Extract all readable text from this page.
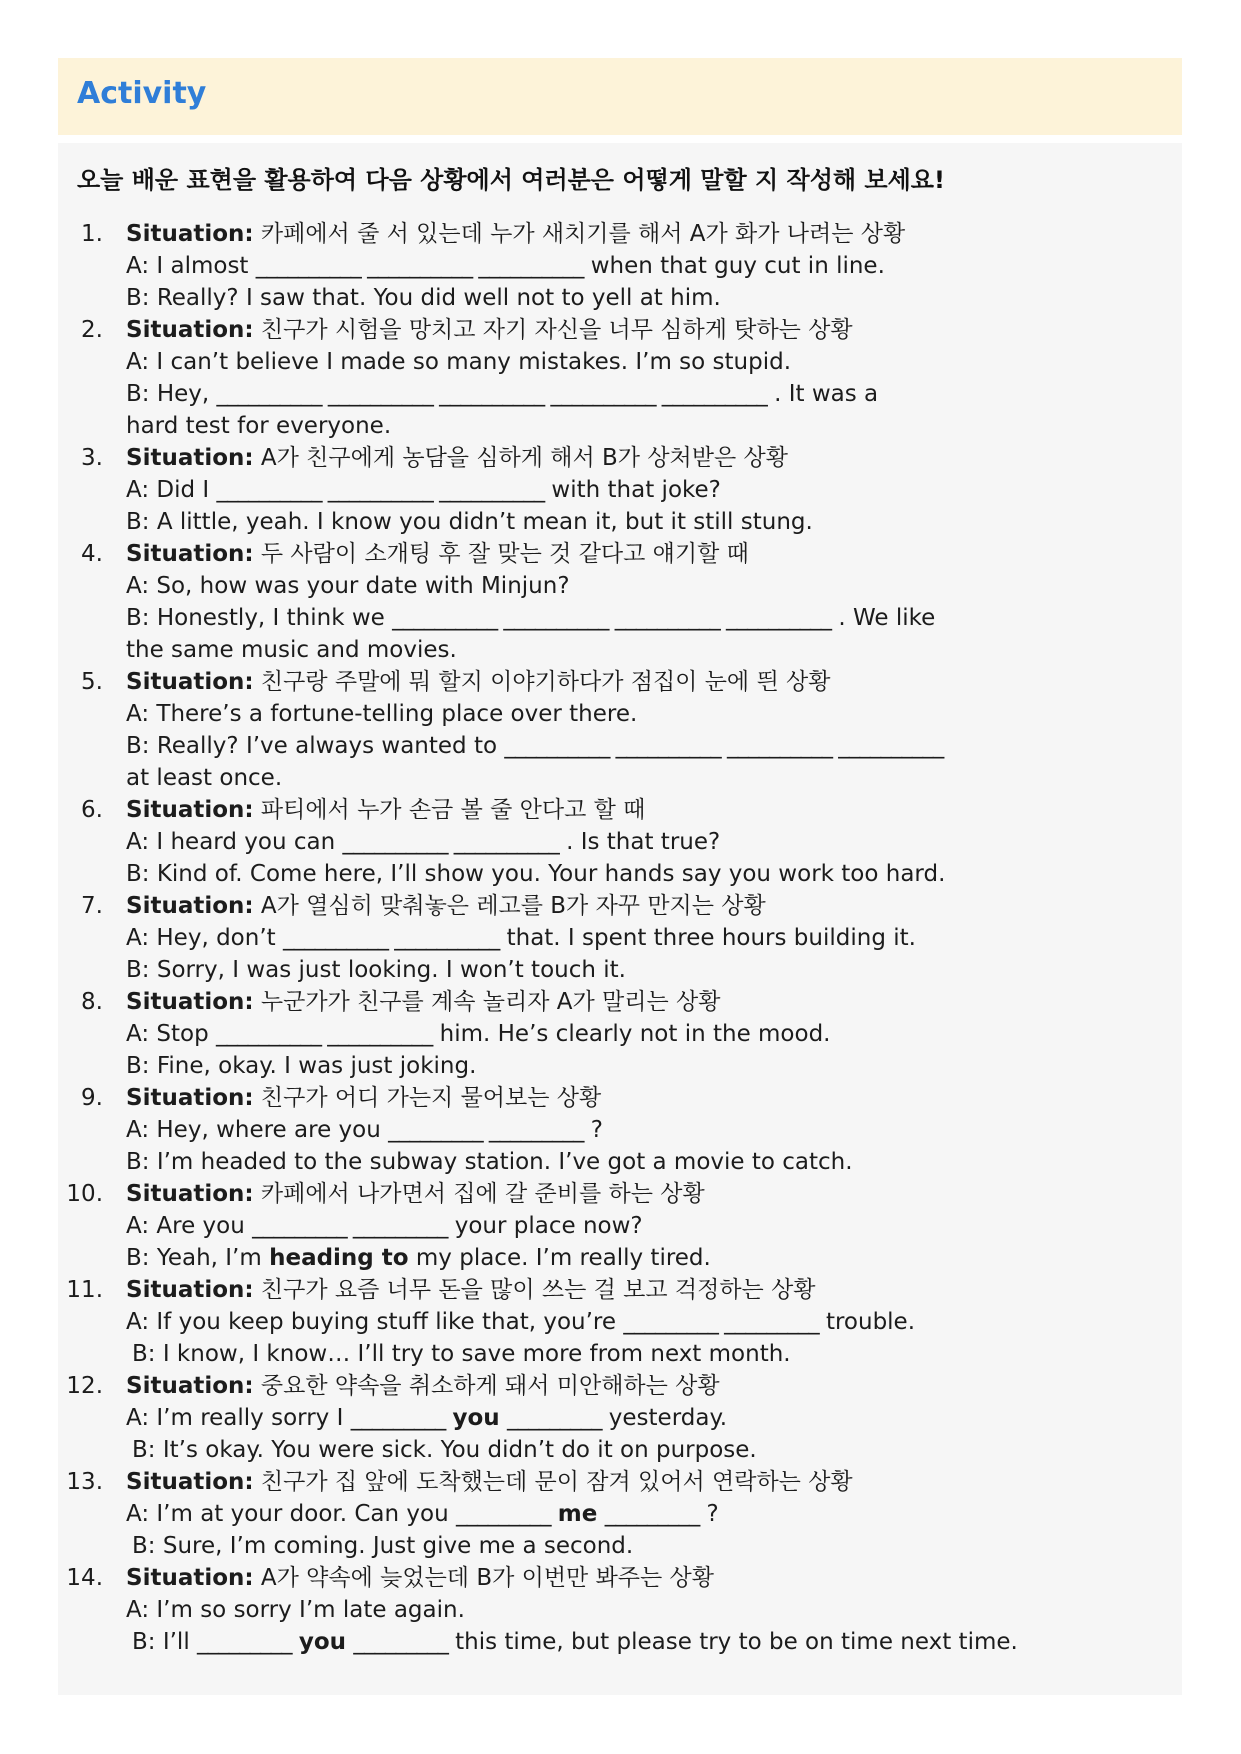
Activity
오늘 배운 표현을 활용하여 다음 상황에서 여러분은 어떻게 말할 지 작성해 보세요!
1. Situation: 카페에서 줄 서 있는데 누가 새치기를 해서 A가 화가 나려는 상황
A: I almost __________ __________ __________ when that guy cut in line.
B: Really? I saw that. You did well not to yell at him.
2. Situation: 친구가 시험을 망치고 자기 자신을 너무 심하게 탓하는 상황
A: I can’t believe I made so many mistakes. I’m so stupid.
B: Hey, __________ __________ __________ __________ __________ . It was a
hard test for everyone.
3. Situation: A가 친구에게 농담을 심하게 해서 B가 상처받은 상황
A: Did I __________ __________ __________ with that joke?
B: A little, yeah. I know you didn’t mean it, but it still stung.
4. Situation: 두 사람이 소개팅 후 잘 맞는 것 같다고 얘기할 때
A: So, how was your date with Minjun?
B: Honestly, I think we __________ __________ __________ __________ . We like
the same music and movies.
5. Situation: 친구랑 주말에 뭐 할지 이야기하다가 점집이 눈에 띈 상황
A: There’s a fortune-telling place over there.
B: Really? I’ve always wanted to __________ __________ __________ __________
at least once.
6. Situation: 파티에서 누가 손금 볼 줄 안다고 할 때
A: I heard you can __________ __________ . Is that true?
B: Kind of. Come here, I’ll show you. Your hands say you work too hard.
7. Situation: A가 열심히 맞춰놓은 레고를 B가 자꾸 만지는 상황
A: Hey, don’t __________ __________ that. I spent three hours building it.
B: Sorry, I was just looking. I won’t touch it.
8. Situation: 누군가가 친구를 계속 놀리자 A가 말리는 상황
A: Stop __________ __________ him. He’s clearly not in the mood.
B: Fine, okay. I was just joking.
9. Situation: 친구가 어디 가는지 물어보는 상황
A: Hey, where are you _________ _________ ?
B: I’m headed to the subway station. I’ve got a movie to catch.
10. Situation: 카페에서 나가면서 집에 갈 준비를 하는 상황
A: Are you _________ _________ your place now?
B: Yeah, I’m heading to my place. I’m really tired.
11. Situation: 친구가 요즘 너무 돈을 많이 쓰는 걸 보고 걱정하는 상황
A: If you keep buying stuff like that, you’re _________ _________ trouble.
B: I know, I know… I’ll try to save more from next month.
12. Situation: 중요한 약속을 취소하게 돼서 미안해하는 상황
A: I’m really sorry I _________ you _________ yesterday.
B: It’s okay. You were sick. You didn’t do it on purpose.
13. Situation: 친구가 집 앞에 도착했는데 문이 잠겨 있어서 연락하는 상황
A: I’m at your door. Can you _________ me _________ ?
B: Sure, I’m coming. Just give me a second.
14. Situation: A가 약속에 늦었는데 B가 이번만 봐주는 상황
A: I’m so sorry I’m late again.
B: I’ll _________ you _________ this time, but please try to be on time next time.
